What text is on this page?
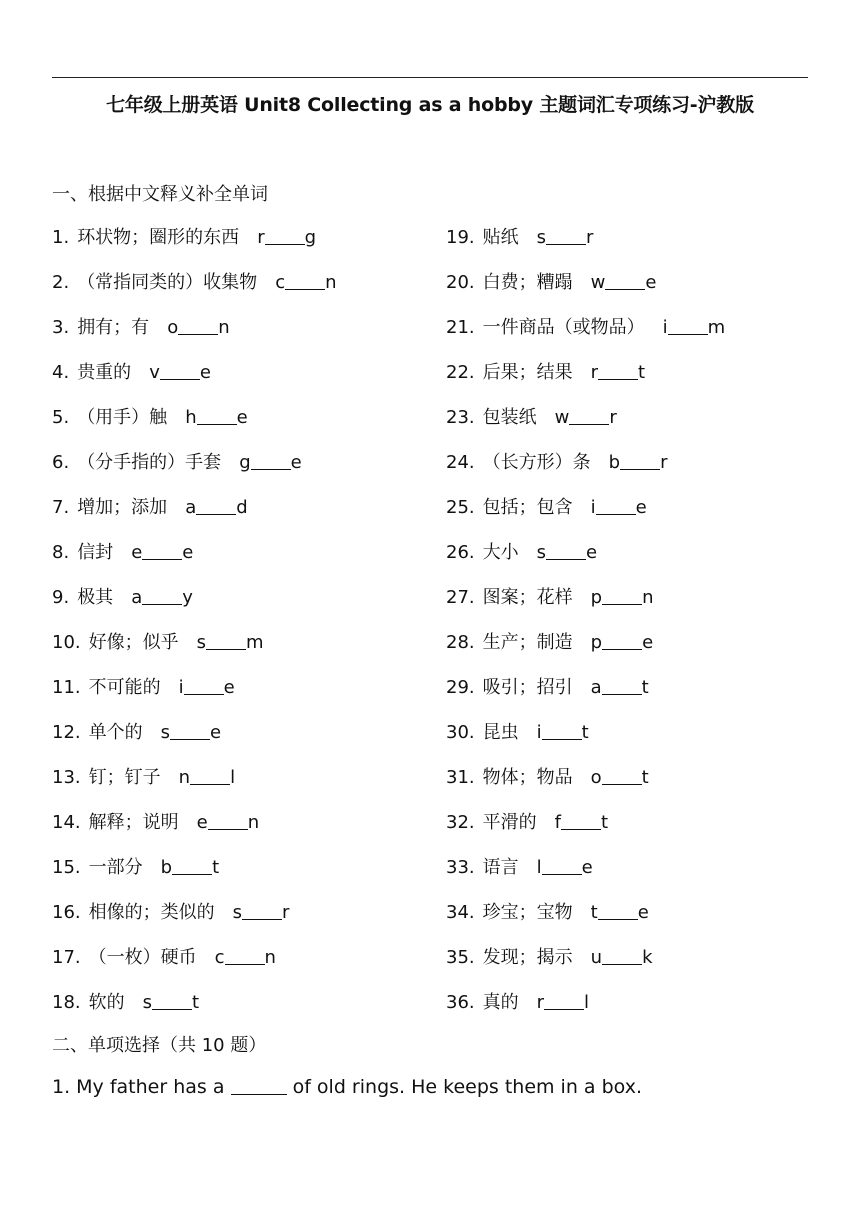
七年级上册英语 Unit8 Collecting as a hobby 主题词汇专项练习-沪教版
一、根据中文释义补全单词
1. 环状物；圈形的东西 r g
2. （常指同类的）收集物 c n
3. 拥有；有 o n
4. 贵重的 v e
5. （用手）触 h e
6. （分手指的）手套 g e
7. 增加；添加 a d
8. 信封 e e
9. 极其 a y
10. 好像；似乎 s m
11. 不可能的 i e
12. 单个的 s e
13. 钉；钉子 n l
14. 解释；说明 e n
15. 一部分 b t
16. 相像的；类似的 s r
17. （一枚）硬币 c n
18. 软的 s t
19. 贴纸 s r
20. 白费；糟蹋 w e
21. 一件商品（或物品） i m
22. 后果；结果 r t
23. 包装纸 w r
24. （长方形）条 b r
25. 包括；包含 i e
26. 大小 s e
27. 图案；花样 p n
28. 生产；制造 p e
29. 吸引；招引 a t
30. 昆虫 i t
31. 物体；物品 o t
32. 平滑的 f t
33. 语言 l e
34. 珍宝；宝物 t e
35. 发现；揭示 u k
36. 真的 r l
二、单项选择（共 10 题）
1. My father has a	of old rings. He keeps them in a box.
